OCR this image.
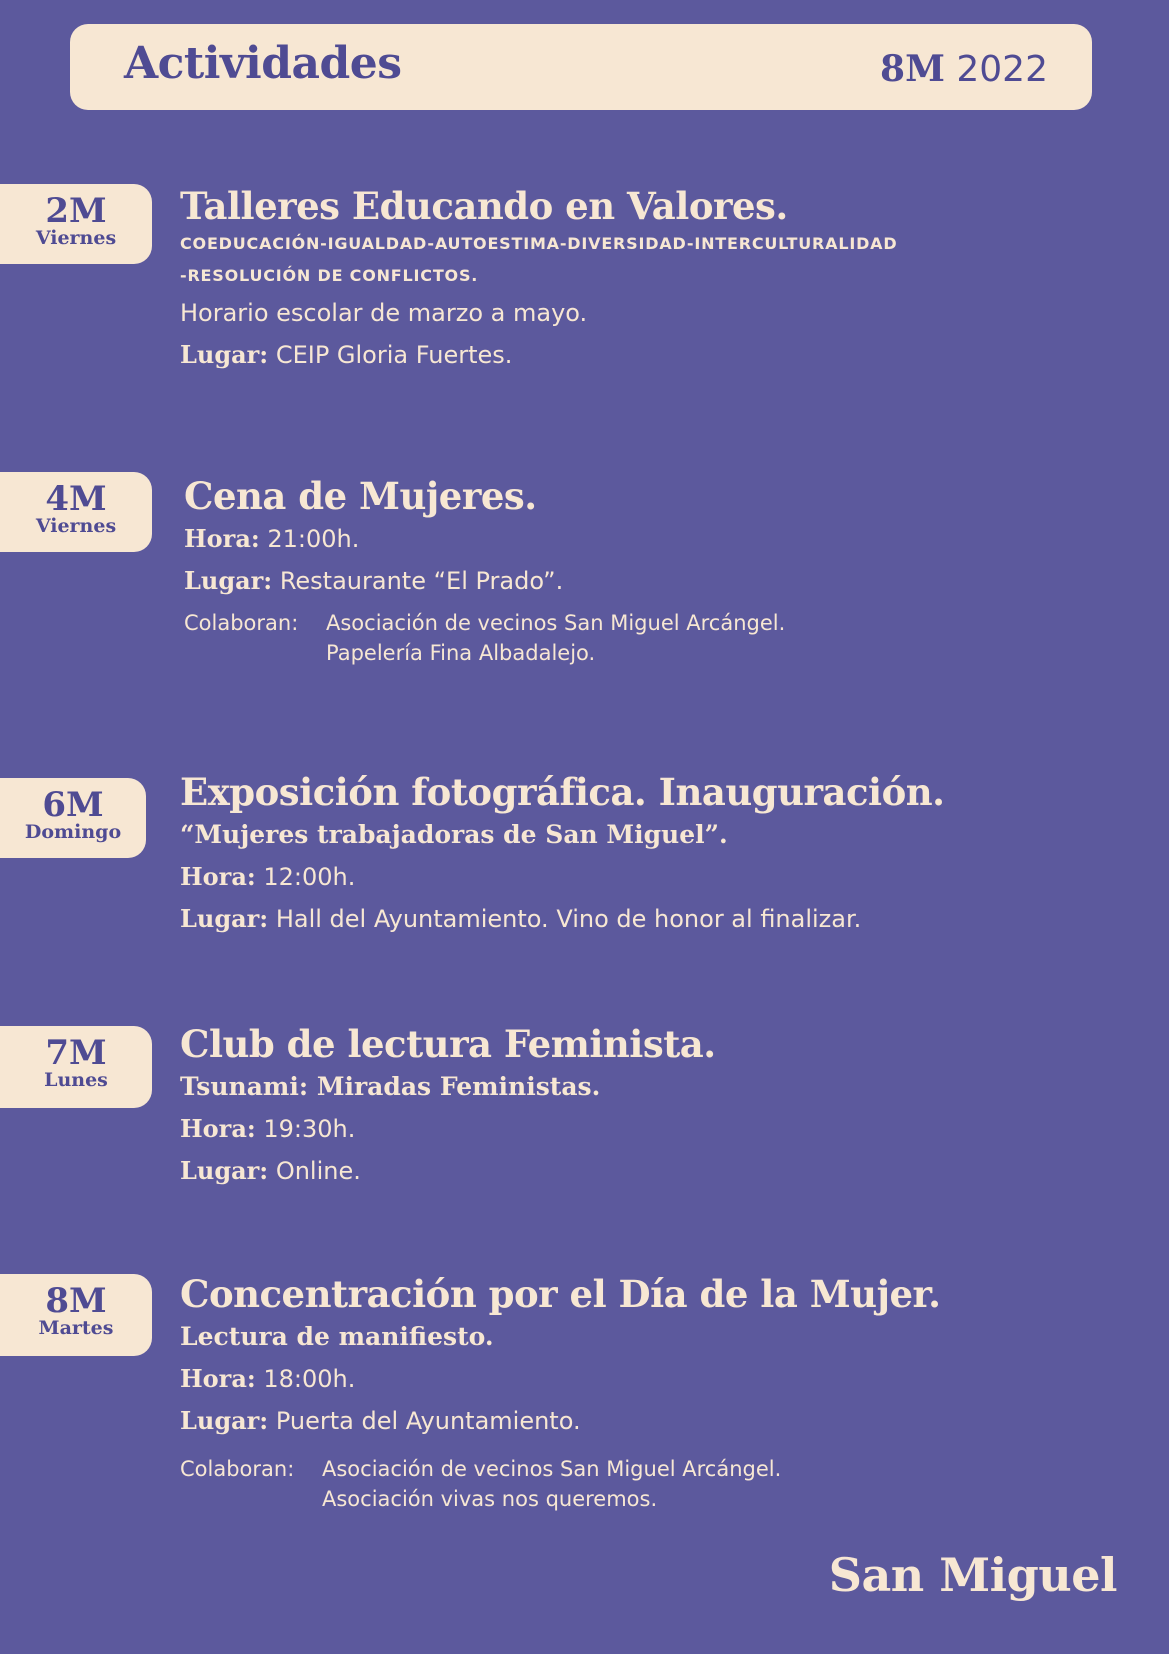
Actividades	8M 2022
2M
Viernes
Talleres Educando en Valores.
COEDUCACIÓN-IGUALDAD-AUTOESTIMA-DIVERSIDAD-INTERCULTURALIDAD
-RESOLUCIÓN DE CONFLICTOS.
Horario escolar de marzo a mayo.
Lugar: CEIP Gloria Fuertes.
4M
Viernes
Cena de Mujeres.
Hora: 21:00h.
Lugar: Restaurante “El Prado”.
Colaboran:	Asociación de vecinos San Miguel Arcángel.
Papelería Fina Albadalejo.
6M
Domingo
Exposición fotográfica. Inauguración.
“Mujeres trabajadoras de San Miguel”.
Hora: 12:00h.
Lugar: Hall del Ayuntamiento. Vino de honor al finalizar.
7M
Lunes
Club de lectura Feminista.
Tsunami: Miradas Feministas.
Hora: 19:30h.
Lugar: Online.
8M
Martes
Concentración por el Día de la Mujer.
Lectura de manifiesto.
Hora: 18:00h.
Lugar: Puerta del Ayuntamiento.
Colaboran:	Asociación de vecinos San Miguel Arcángel.
Asociación vivas nos queremos.
San Miguel
